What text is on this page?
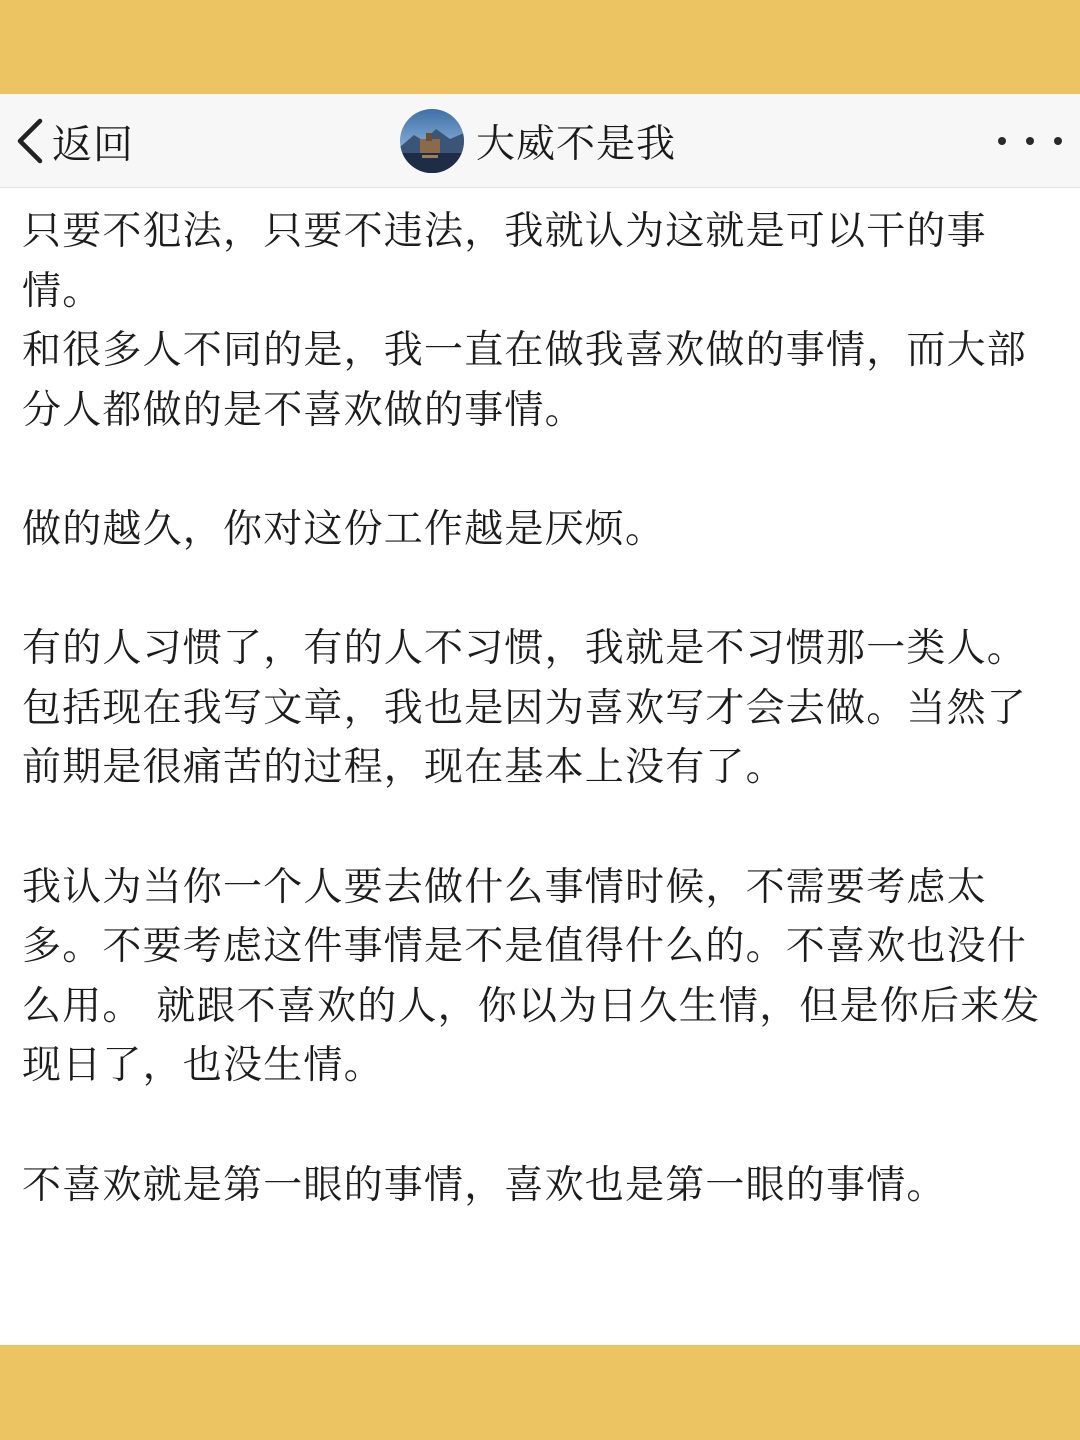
返回	大威不是我

只要不犯法，只要不违法，我就认为这就是可以干的事情。

和很多人不同的是，我一直在做我喜欢做的事情，而大部分人都做的是不喜欢做的事情。

做的越久，你对这份工作越是厌烦。

有的人习惯了，有的人不习惯，我就是不习惯那一类人。

包括现在我写文章，我也是因为喜欢写才会去做。当然了前期是很痛苦的过程，现在基本上没有了。

我认为当你一个人要去做什么事情时候，不需要考虑太多。不要考虑这件事情是不是值得什么的。不喜欢也没什么用。 就跟不喜欢的人，你以为日久生情，但是你后来发现日了，也没生情。

不喜欢就是第一眼的事情，喜欢也是第一眼的事情。
